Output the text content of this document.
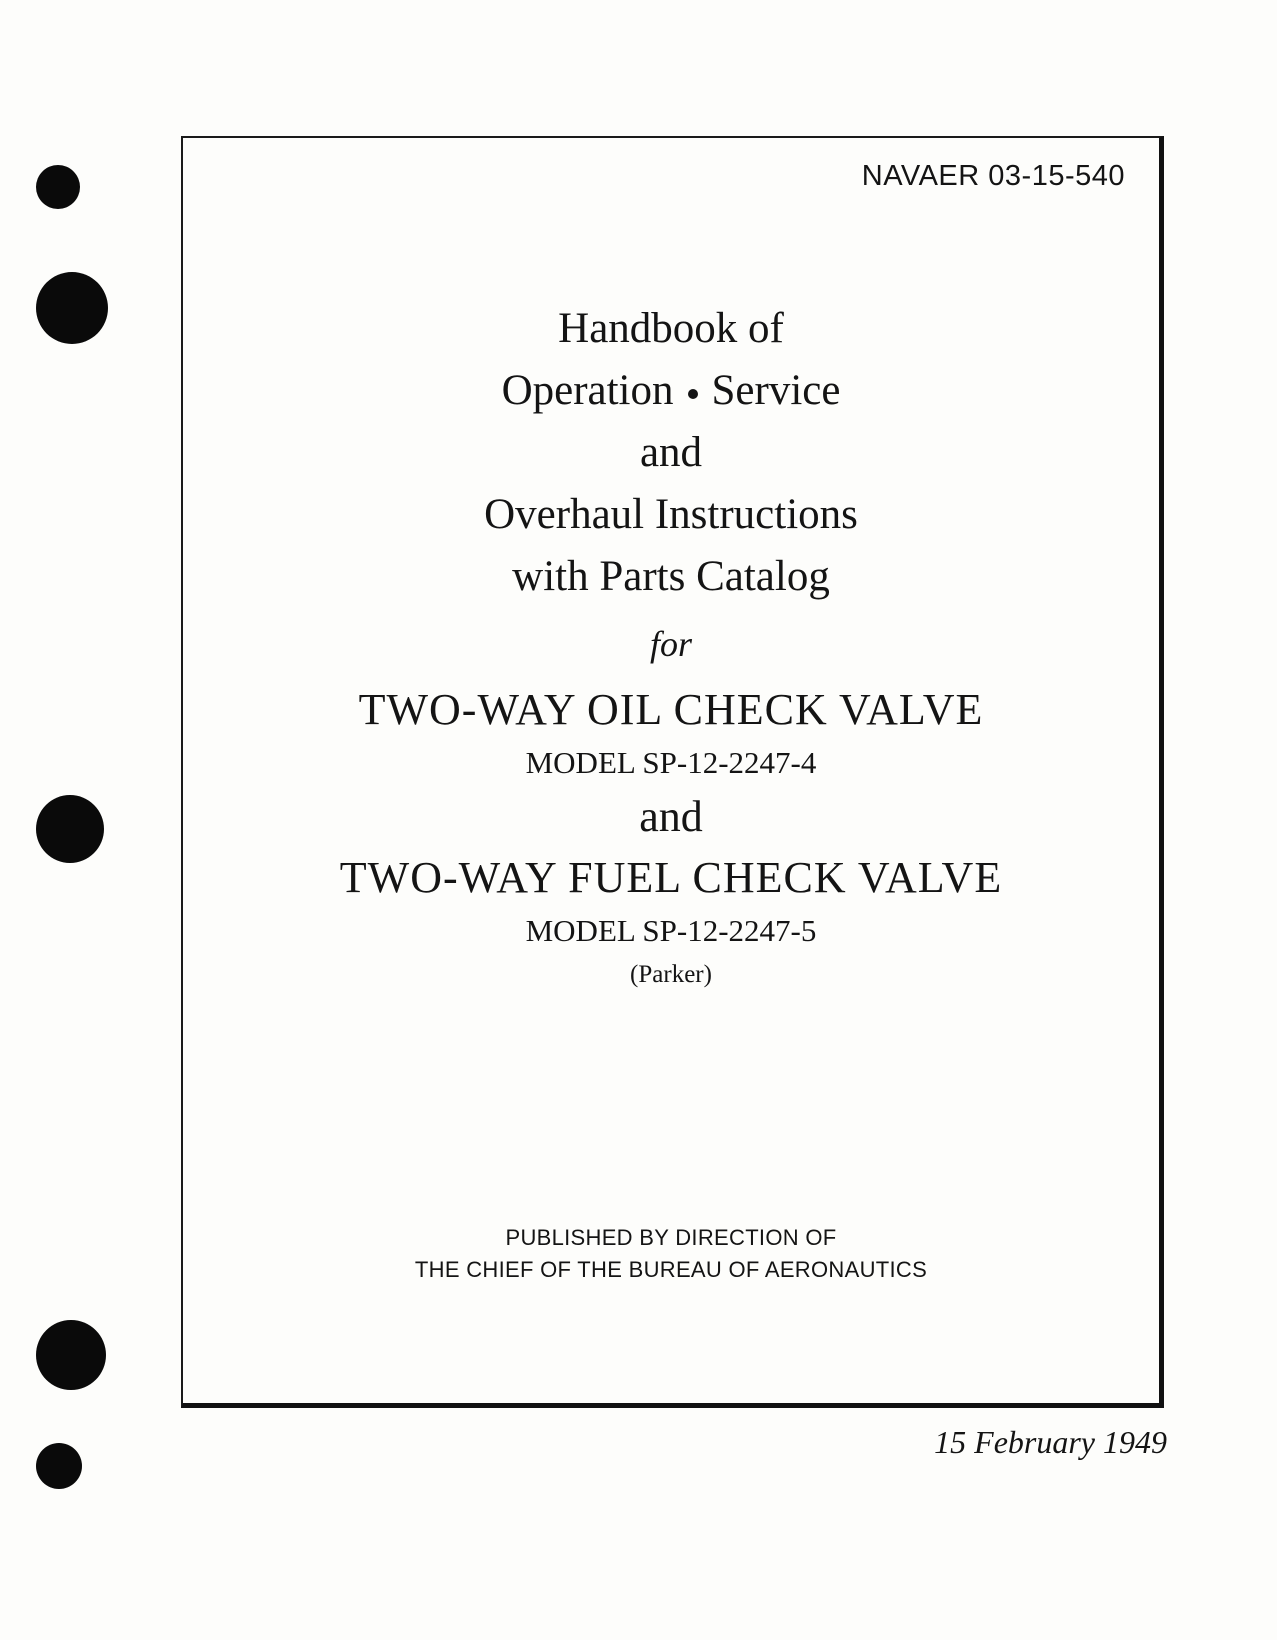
NAVAER 03-15-540

Handbook of
Operation Service
and
Overhaul Instructions
with Parts Catalog
for
TWO-WAY OIL CHECK VALVE
MODEL SP-12-2247-4
and
TWO-WAY FUEL CHECK VALVE
MODEL SP-12-2247-5
(Parker)
PUBLISHED BY DIRECTION OF
THE CHIEF OF THE BUREAU OF AERONAUTICS

15 February 1949
